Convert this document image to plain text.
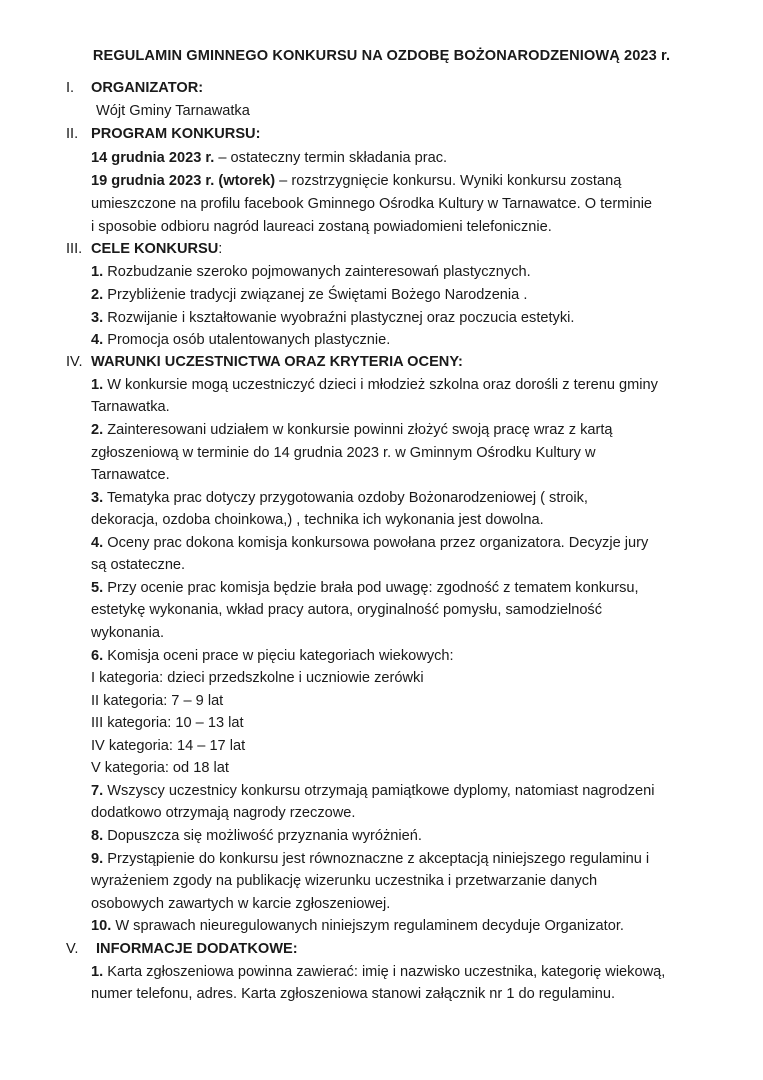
REGULAMIN GMINNEGO KONKURSU NA OZDOBĘ BOŻONARODZENIOWĄ 2023 r.
I. ORGANIZATOR:
Wójt Gminy Tarnawatka
II. PROGRAM KONKURSU:
14 grudnia 2023 r. – ostateczny termin składania prac.
19 grudnia 2023 r. (wtorek) – rozstrzygnięcie konkursu. Wyniki konkursu zostaną
umieszczone na profilu facebook Gminnego Ośrodka Kultury w Tarnawatce. O terminie
i sposobie odbioru nagród laureaci zostaną powiadomieni telefonicznie.
III. CELE KONKURSU:
1. Rozbudzanie szeroko pojmowanych zainteresowań plastycznych.
2. Przybliżenie tradycji związanej ze Świętami Bożego Narodzenia .
3. Rozwijanie i kształtowanie wyobraźni plastycznej oraz poczucia estetyki.
4. Promocja osób utalentowanych plastycznie.
IV. WARUNKI UCZESTNICTWA ORAZ KRYTERIA OCENY:
1. W konkursie mogą uczestniczyć dzieci i młodzież szkolna oraz dorośli z terenu gminy
Tarnawatka.
2. Zainteresowani udziałem w konkursie powinni złożyć swoją pracę wraz z kartą
zgłoszeniową w terminie do 14 grudnia 2023 r. w Gminnym Ośrodku Kultury w
Tarnawatce.
3. Tematyka prac dotyczy przygotowania ozdoby Bożonarodzeniowej ( stroik,
dekoracja, ozdoba choinkowa,) , technika ich wykonania jest dowolna.
4. Oceny prac dokona komisja konkursowa powołana przez organizatora. Decyzje jury
są ostateczne.
5. Przy ocenie prac komisja będzie brała pod uwagę: zgodność z tematem konkursu,
estetykę wykonania, wkład pracy autora, oryginalność pomysłu, samodzielność
wykonania.
6. Komisja oceni prace w pięciu kategoriach wiekowych:
I kategoria: dzieci przedszkolne i uczniowie zerówki
II kategoria: 7 – 9 lat
III kategoria: 10 – 13 lat
IV kategoria: 14 – 17 lat
V kategoria: od 18 lat
7. Wszyscy uczestnicy konkursu otrzymają pamiątkowe dyplomy, natomiast nagrodzeni
dodatkowo otrzymają nagrody rzeczowe.
8. Dopuszcza się możliwość przyznania wyróżnień.
9. Przystąpienie do konkursu jest równoznaczne z akceptacją niniejszego regulaminu i
wyrażeniem zgody na publikację wizerunku uczestnika i przetwarzanie danych
osobowych zawartych w karcie zgłoszeniowej.
10. W sprawach nieuregulowanych niniejszym regulaminem decyduje Organizator.
V. INFORMACJE DODATKOWE:
1. Karta zgłoszeniowa powinna zawierać: imię i nazwisko uczestnika, kategorię wiekową,
numer telefonu, adres. Karta zgłoszeniowa stanowi załącznik nr 1 do regulaminu.
